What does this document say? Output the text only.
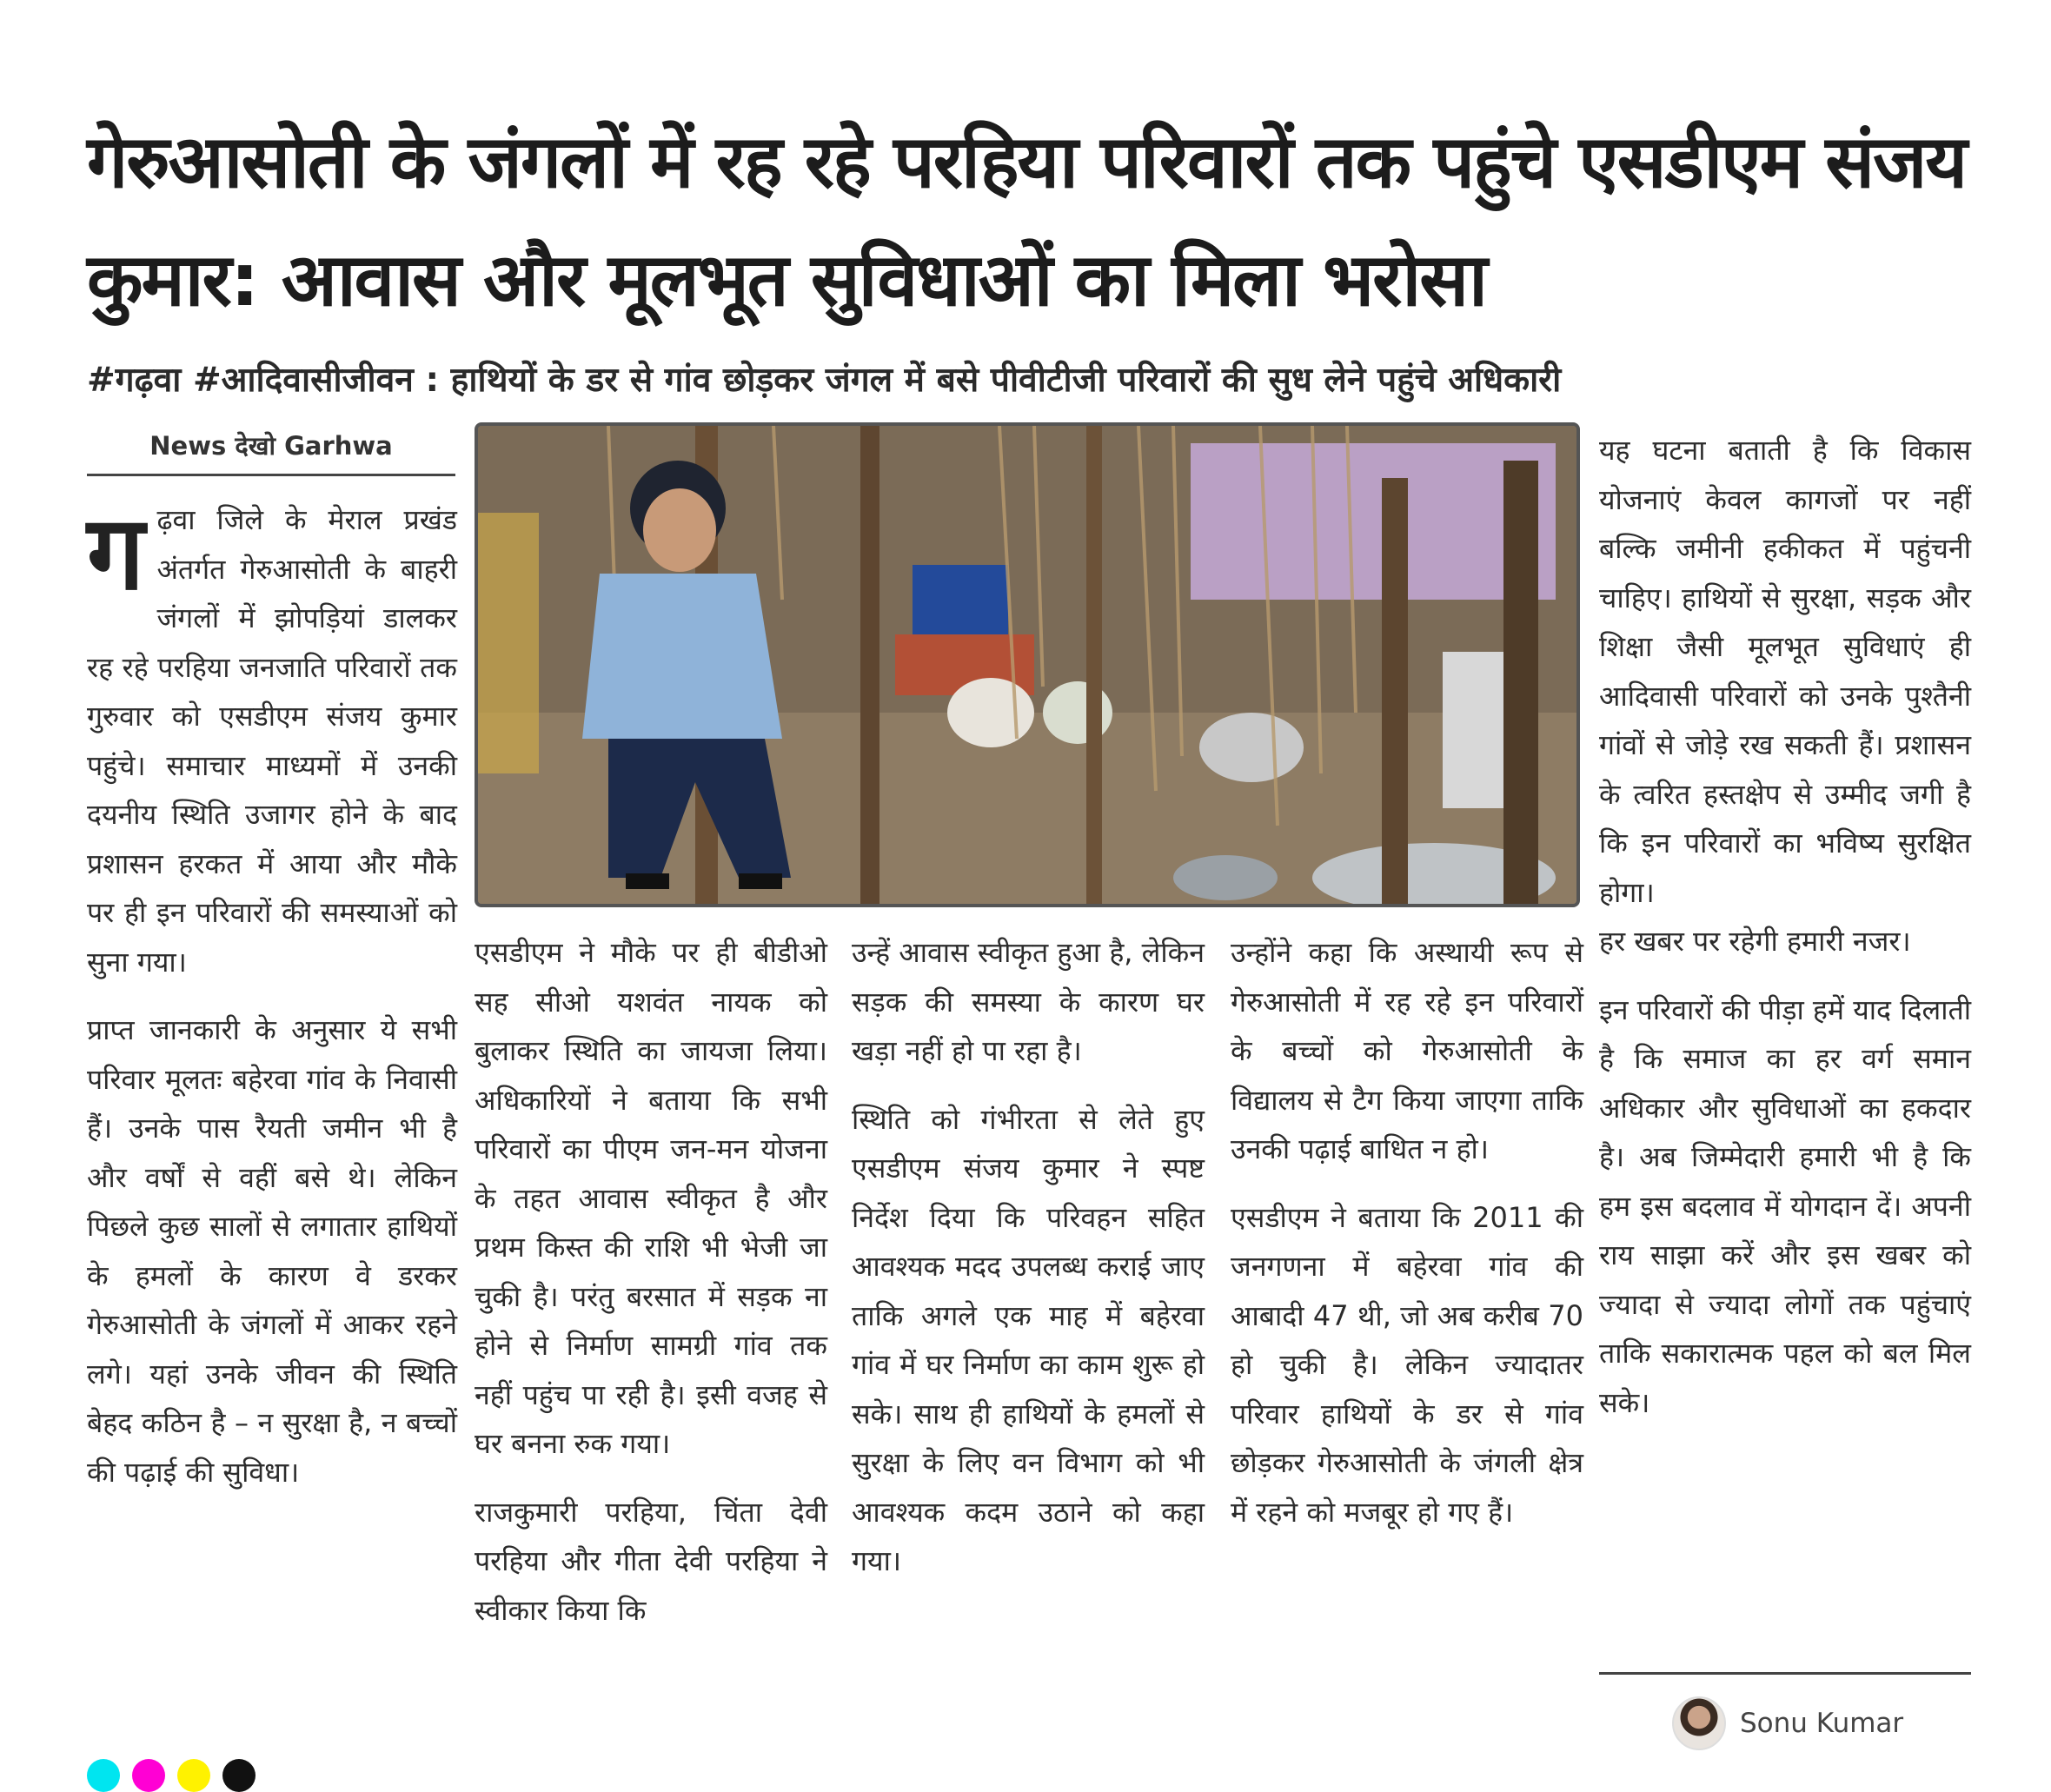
गेरुआसोती के जंगलों में रह रहे परहिया परिवारों तक पहुंचे एसडीएम संजय कुमार: आवास और मूलभूत सुविधाओं का मिला भरोसा
#गढ़वा #आदिवासीजीवन : हाथियों के डर से गांव छोड़कर जंगल में बसे पीवीटीजी परिवारों की सुध लेने पहुंचे अधिकारी
News देखो Garhwa

गढ़वा जिले के मेराल प्रखंड अंतर्गत गेरुआसोती के बाहरी जंगलों में झोपड़ियां डालकर रह रहे परहिया जनजाति परिवारों तक गुरुवार को एसडीएम संजय कुमार पहुंचे। समाचार माध्यमों में उनकी दयनीय स्थिति उजागर होने के बाद प्रशासन हरकत में आया और मौके पर ही इन परिवारों की समस्याओं को सुना गया।

प्राप्त जानकारी के अनुसार ये सभी परिवार मूलतः बहेरवा गांव के निवासी हैं। उनके पास रैयती जमीन भी है और वर्षों से वहीं बसे थे। लेकिन पिछले कुछ सालों से लगातार हाथियों के हमलों के कारण वे डरकर गेरुआसोती के जंगलों में आकर रहने लगे। यहां उनके जीवन की स्थिति बेहद कठिन है – न सुरक्षा है, न बच्चों की पढ़ाई की सुविधा।

एसडीएम ने मौके पर ही बीडीओ सह सीओ यशवंत नायक को बुलाकर स्थिति का जायजा लिया। अधिकारियों ने बताया कि सभी परिवारों का पीएम जन-मन योजना के तहत आवास स्वीकृत है और प्रथम किस्त की राशि भी भेजी जा चुकी है। परंतु बरसात में सड़क ना होने से निर्माण सामग्री गांव तक नहीं पहुंच पा रही है। इसी वजह से घर बनना रुक गया।

राजकुमारी परहिया, चिंता देवी परहिया और गीता देवी परहिया ने स्वीकार किया कि

उन्हें आवास स्वीकृत हुआ है, लेकिन सड़क की समस्या के कारण घर खड़ा नहीं हो पा रहा है।

स्थिति को गंभीरता से लेते हुए एसडीएम संजय कुमार ने स्पष्ट निर्देश दिया कि परिवहन सहित आवश्यक मदद उपलब्ध कराई जाए ताकि अगले एक माह में बहेरवा गांव में घर निर्माण का काम शुरू हो सके। साथ ही हाथियों के हमलों से सुरक्षा के लिए वन विभाग को भी आवश्यक कदम उठाने को कहा गया।

उन्होंने कहा कि अस्थायी रूप से गेरुआसोती में रह रहे इन परिवारों के बच्चों को गेरुआसोती के विद्यालय से टैग किया जाएगा ताकि उनकी पढ़ाई बाधित न हो।

एसडीएम ने बताया कि 2011 की जनगणना में बहेरवा गांव की आबादी 47 थी, जो अब करीब 70 हो चुकी है। लेकिन ज्यादातर परिवार हाथियों के डर से गांव छोड़कर गेरुआसोती के जंगली क्षेत्र में रहने को मजबूर हो गए हैं।

यह घटना बताती है कि विकास योजनाएं केवल कागजों पर नहीं बल्कि जमीनी हकीकत में पहुंचनी चाहिए। हाथियों से सुरक्षा, सड़क और शिक्षा जैसी मूलभूत सुविधाएं ही आदिवासी परिवारों को उनके पुश्तैनी गांवों से जोड़े रख सकती हैं। प्रशासन के त्वरित हस्तक्षेप से उम्मीद जगी है कि इन परिवारों का भविष्य सुरक्षित होगा।

हर खबर पर रहेगी हमारी नजर।

इन परिवारों की पीड़ा हमें याद दिलाती है कि समाज का हर वर्ग समान अधिकार और सुविधाओं का हकदार है। अब जिम्मेदारी हमारी भी है कि हम इस बदलाव में योगदान दें। अपनी राय साझा करें और इस खबर को ज्यादा से ज्यादा लोगों तक पहुंचाएं ताकि सकारात्मक पहल को बल मिल सके।

Sonu Kumar
